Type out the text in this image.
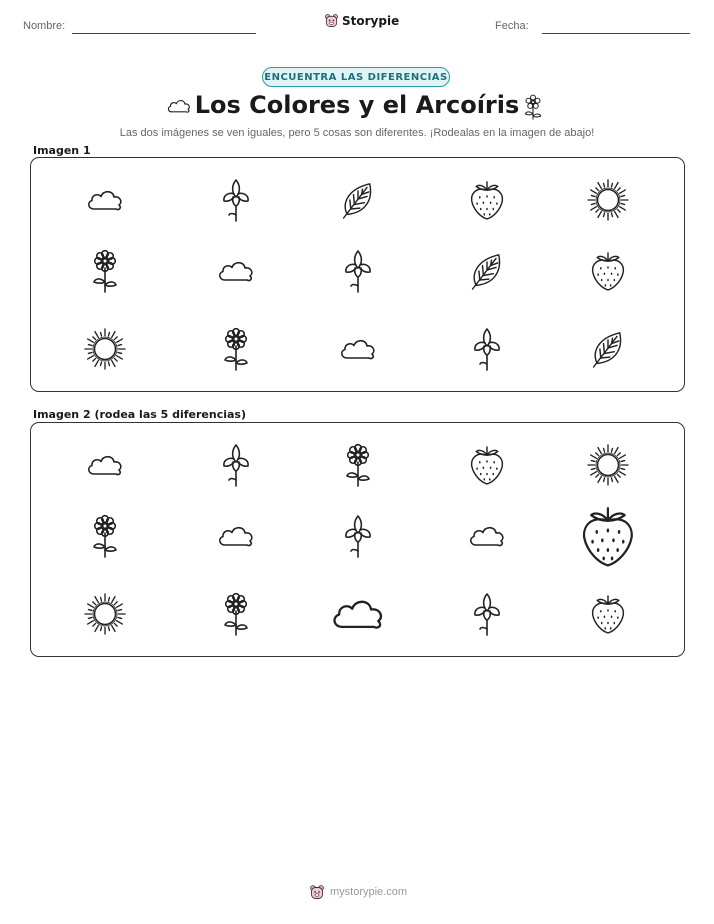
Nombre:	Storypie	Fecha:
ENCUENTRA LAS DIFERENCIAS
Los Colores y el Arcoíris
Las dos imágenes se ven iguales, pero 5 cosas son diferentes. ¡Rodealas en la imagen de abajo!
Imagen 1
Imagen 2 (rodea las 5 diferencias)
mystorypie.com
